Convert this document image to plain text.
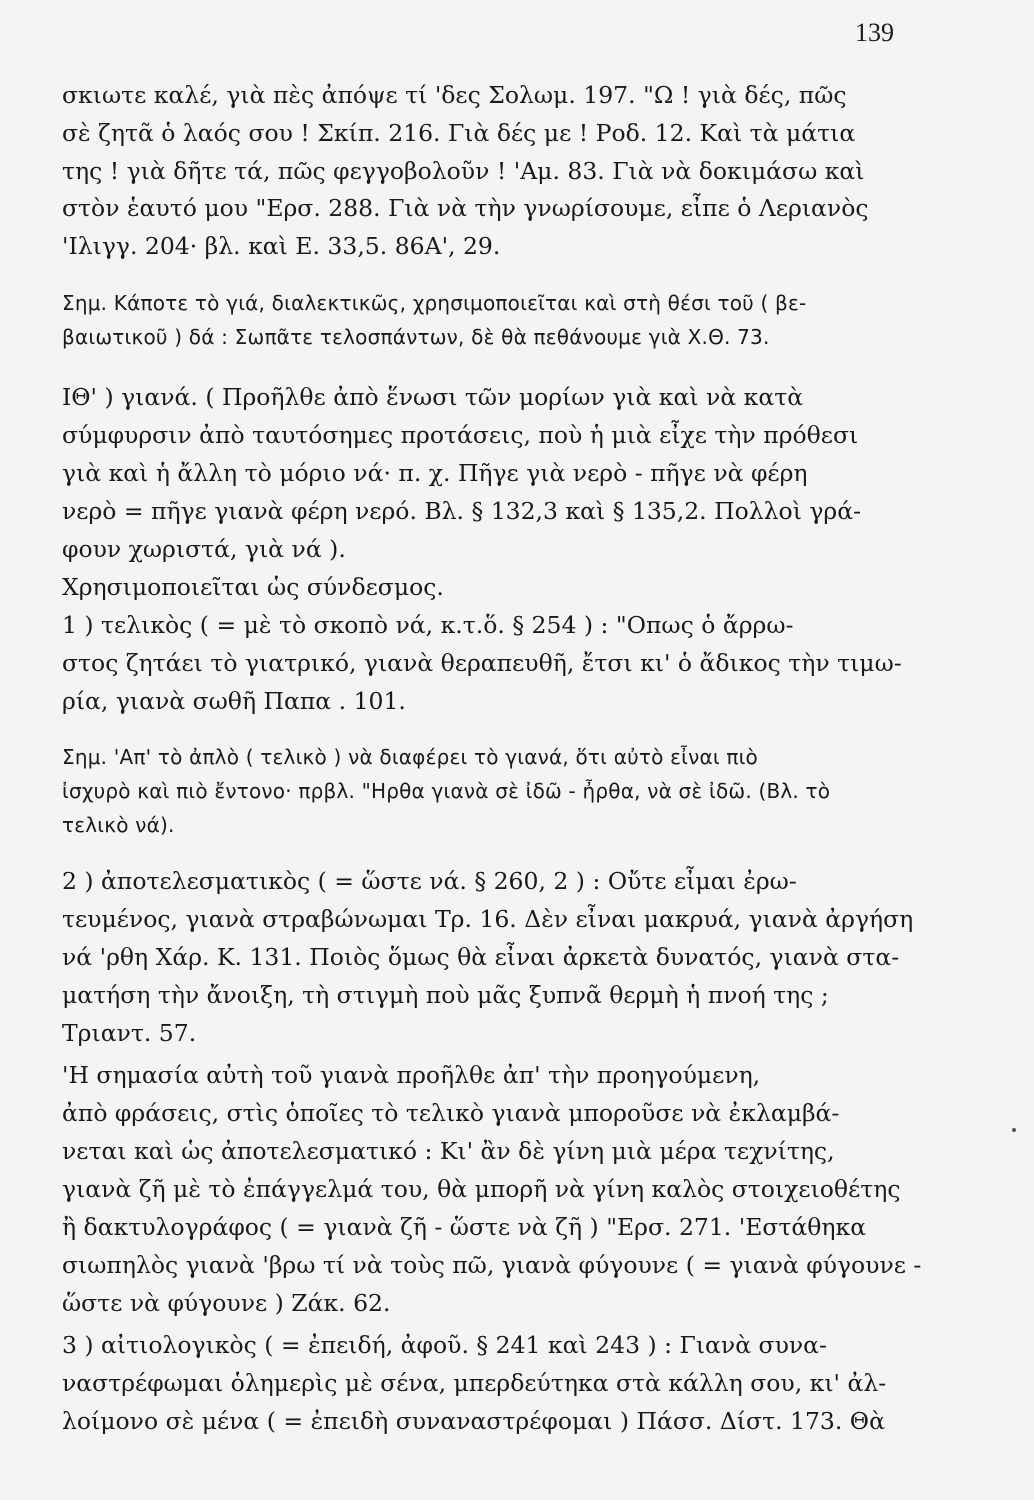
139
σκιωτε καλέ, γιὰ πὲς ἀπόψε τί 'δες Σολωμ. 197. "Ω ! γιὰ δές, πῶς
σὲ ζητᾶ ὁ λαός σου ! Σκίπ. 216. Γιὰ δές με ! Ροδ. 12. Καὶ τὰ μάτια
της ! γιὰ δῆτε τά, πῶς φεγγοβολοῦν ! 'Αμ. 83. Γιὰ νὰ δοκιμάσω καὶ
στὸν ἑαυτό μου "Ερσ. 288. Γιὰ νὰ τὴν γνωρίσουμε, εἶπε ὁ Λεριανὸς
'Ιλιγγ. 204· βλ. καὶ Ε. 33,5. 86Α', 29.
Σημ. Κάποτε τὸ γιά, διαλεκτικῶς, χρησιμοποιεῖται καὶ στὴ θέσι τοῦ ( βε-
βαιωτικοῦ ) δά : Σωπᾶτε τελοσπάντων, δὲ θὰ πεθάνουμε γιὰ Χ.Θ. 73.
ΙΘ' ) γιανά. ( Προῆλθε ἀπὸ ἕνωσι τῶν μορίων γιὰ καὶ νὰ κατὰ
σύμφυρσιν ἀπὸ ταυτόσημες προτάσεις, ποὺ ἡ μιὰ εἶχε τὴν πρόθεσι
γιὰ καὶ ἡ ἄλλη τὸ μόριο νά· π. χ. Πῆγε γιὰ νερὸ - πῆγε νὰ φέρη
νερὸ = πῆγε γιανὰ φέρη νερό. Βλ. § 132,3 καὶ § 135,2. Πολλοὶ γρά-
φουν χωριστά, γιὰ νά ).
Χρησιμοποιεῖται ὡς σύνδεσμος.
1 ) τελικὸς ( = μὲ τὸ σκοπὸ νά, κ.τ.ὅ. § 254 ) : "Οπως ὁ ἄρρω-
στος ζητάει τὸ γιατρικό, γιανὰ θεραπευθῆ, ἔτσι κι' ὁ ἄδικος τὴν τιμω-
ρία, γιανὰ σωθῆ Παπα . 101.
Σημ. 'Απ' τὸ ἀπλὸ ( τελικὸ ) νὰ διαφέρει τὸ γιανά, ὅτι αὐτὸ εἶναι πιὸ
ἰσχυρὸ καὶ πιὸ ἔντονο· πρβλ. "Ηρθα γιανὰ σὲ ἰδῶ - ἦρθα, νὰ σὲ ἰδῶ. (Βλ. τὸ
τελικὸ νά).
2 ) ἀποτελεσματικὸς ( = ὥστε νά. § 260, 2 ) : Οὔτε εἶμαι ἐρω-
τευμένος, γιανὰ στραβώνωμαι Τρ. 16. Δὲν εἶναι μακρυά, γιανὰ ἀργήση
νά 'ρθη Χάρ. Κ. 131. Ποιὸς ὅμως θὰ εἶναι ἀρκετὰ δυνατός, γιανὰ στα-
ματήση τὴν ἄνοιξη, τὴ στιγμὴ ποὺ μᾶς ξυπνᾶ θερμὴ ἡ πνοή της ;
Τριαντ. 57.
'Η σημασία αὐτὴ τοῦ γιανὰ προῆλθε ἀπ' τὴν προηγούμενη,
ἀπὸ φράσεις, στὶς ὁποῖες τὸ τελικὸ γιανὰ μποροῦσε νὰ ἐκλαμβά-
νεται καὶ ὡς ἀποτελεσματικό : Κι' ἂν δὲ γίνη μιὰ μέρα τεχνίτης,
γιανὰ ζῆ μὲ τὸ ἐπάγγελμά του, θὰ μπορῆ νὰ γίνη καλὸς στοιχειοθέτης
ἢ δακτυλογράφος ( = γιανὰ ζῆ - ὥστε νὰ ζῆ ) "Ερσ. 271. 'Εστάθηκα
σιωπηλὸς γιανὰ 'βρω τί νὰ τοὺς πῶ, γιανὰ φύγουνε ( = γιανὰ φύγουνε -
ὥστε νὰ φύγουνε ) Ζάκ. 62.
3 ) αἰτιολογικὸς ( = ἐπειδή, ἀφοῦ. § 241 καὶ 243 ) : Γιανὰ συνα-
ναστρέφωμαι ὁλημερὶς μὲ σένα, μπερδεύτηκα στὰ κάλλη σου, κι' ἀλ-
λοίμονο σὲ μένα ( = ἐπειδὴ συναναστρέφομαι ) Πάσσ. Δίστ. 173. Θὰ
